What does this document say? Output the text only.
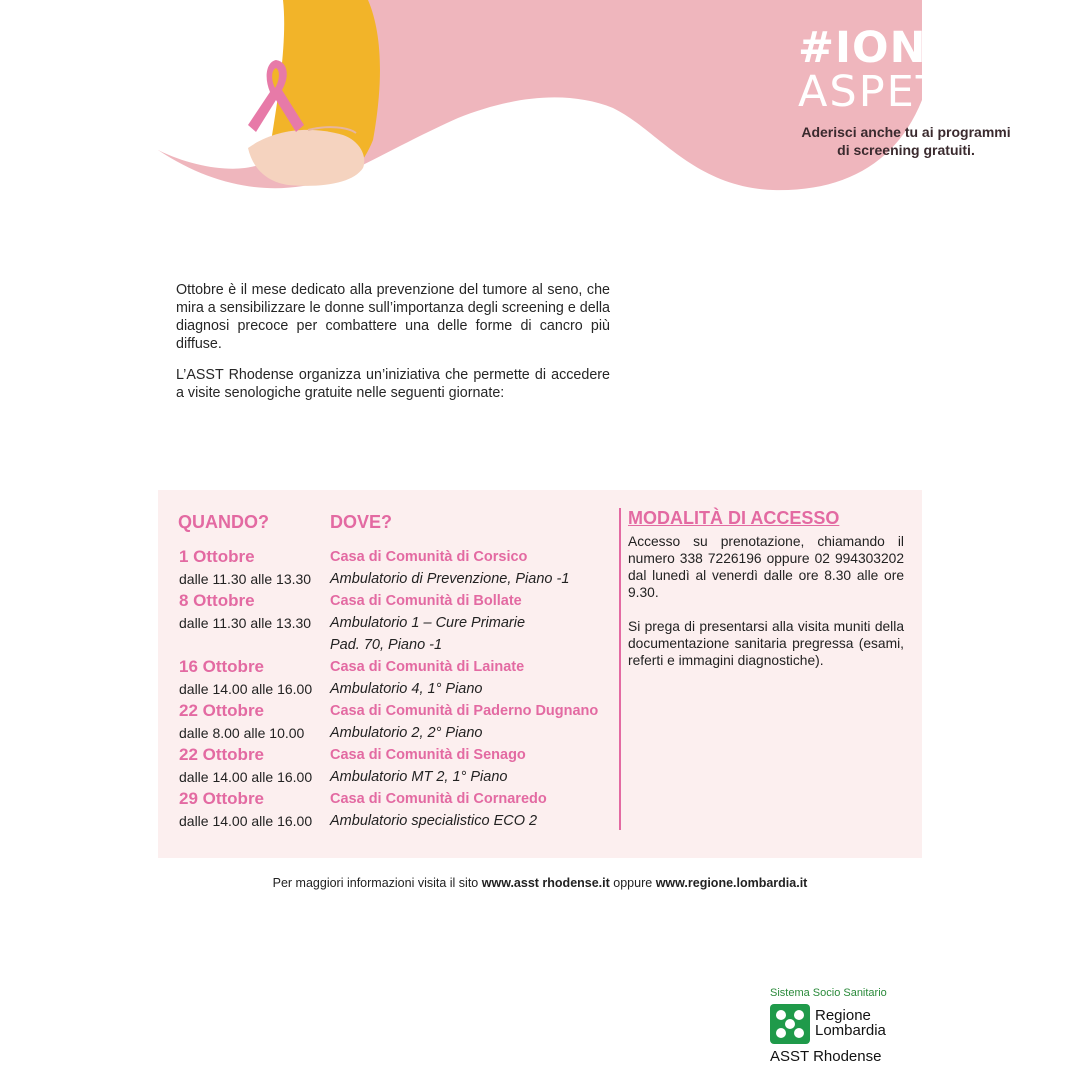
#IONON
ASPETTO
Aderisci anche tu ai programmi
di screening gratuiti.

Ottobre è il mese dedicato alla prevenzione del tumore al seno, che mira a sensibilizzare le donne sull’importanza degli screening e della diagnosi precoce per combattere una delle forme di cancro più diffuse.

L’ASST Rhodense organizza un’iniziativa che permette di accedere a visite senologiche gratuite nelle seguenti giornate:

QUANDO?	DOVE?
1 Ottobre
dalle 11.30 alle 13.30
Casa di Comunità di Corsico
Ambulatorio di Prevenzione, Piano -1
8 Ottobre
dalle 11.30 alle 13.30
Casa di Comunità di Bollate
Ambulatorio 1 – Cure Primarie
Pad. 70, Piano -1
16 Ottobre
dalle 14.00 alle 16.00
Casa di Comunità di Lainate
Ambulatorio 4, 1° Piano
22 Ottobre
dalle 8.00 alle 10.00
Casa di Comunità di Paderno Dugnano
Ambulatorio 2, 2° Piano
22 Ottobre
dalle 14.00 alle 16.00
Casa di Comunità di Senago
Ambulatorio MT 2, 1° Piano
29 Ottobre
dalle 14.00 alle 16.00
Casa di Comunità di Cornaredo
Ambulatorio specialistico ECO 2
MODALITÀ DI ACCESSO

Accesso su prenotazione, chiamando il numero 338 7226196 oppure 02 994303202 dal lunedì al venerdì dalle ore 8.30 alle ore 9.30.

Si prega di presentarsi alla visita muniti della documentazione sanitaria pregressa (esami, referti e immagini diagnostiche).

Per maggiori informazioni visita il sito www.asst rhodense.it oppure www.regione.lombardia.it
Sistema Socio Sanitario
Regione
Lombardia
ASST Rhodense
